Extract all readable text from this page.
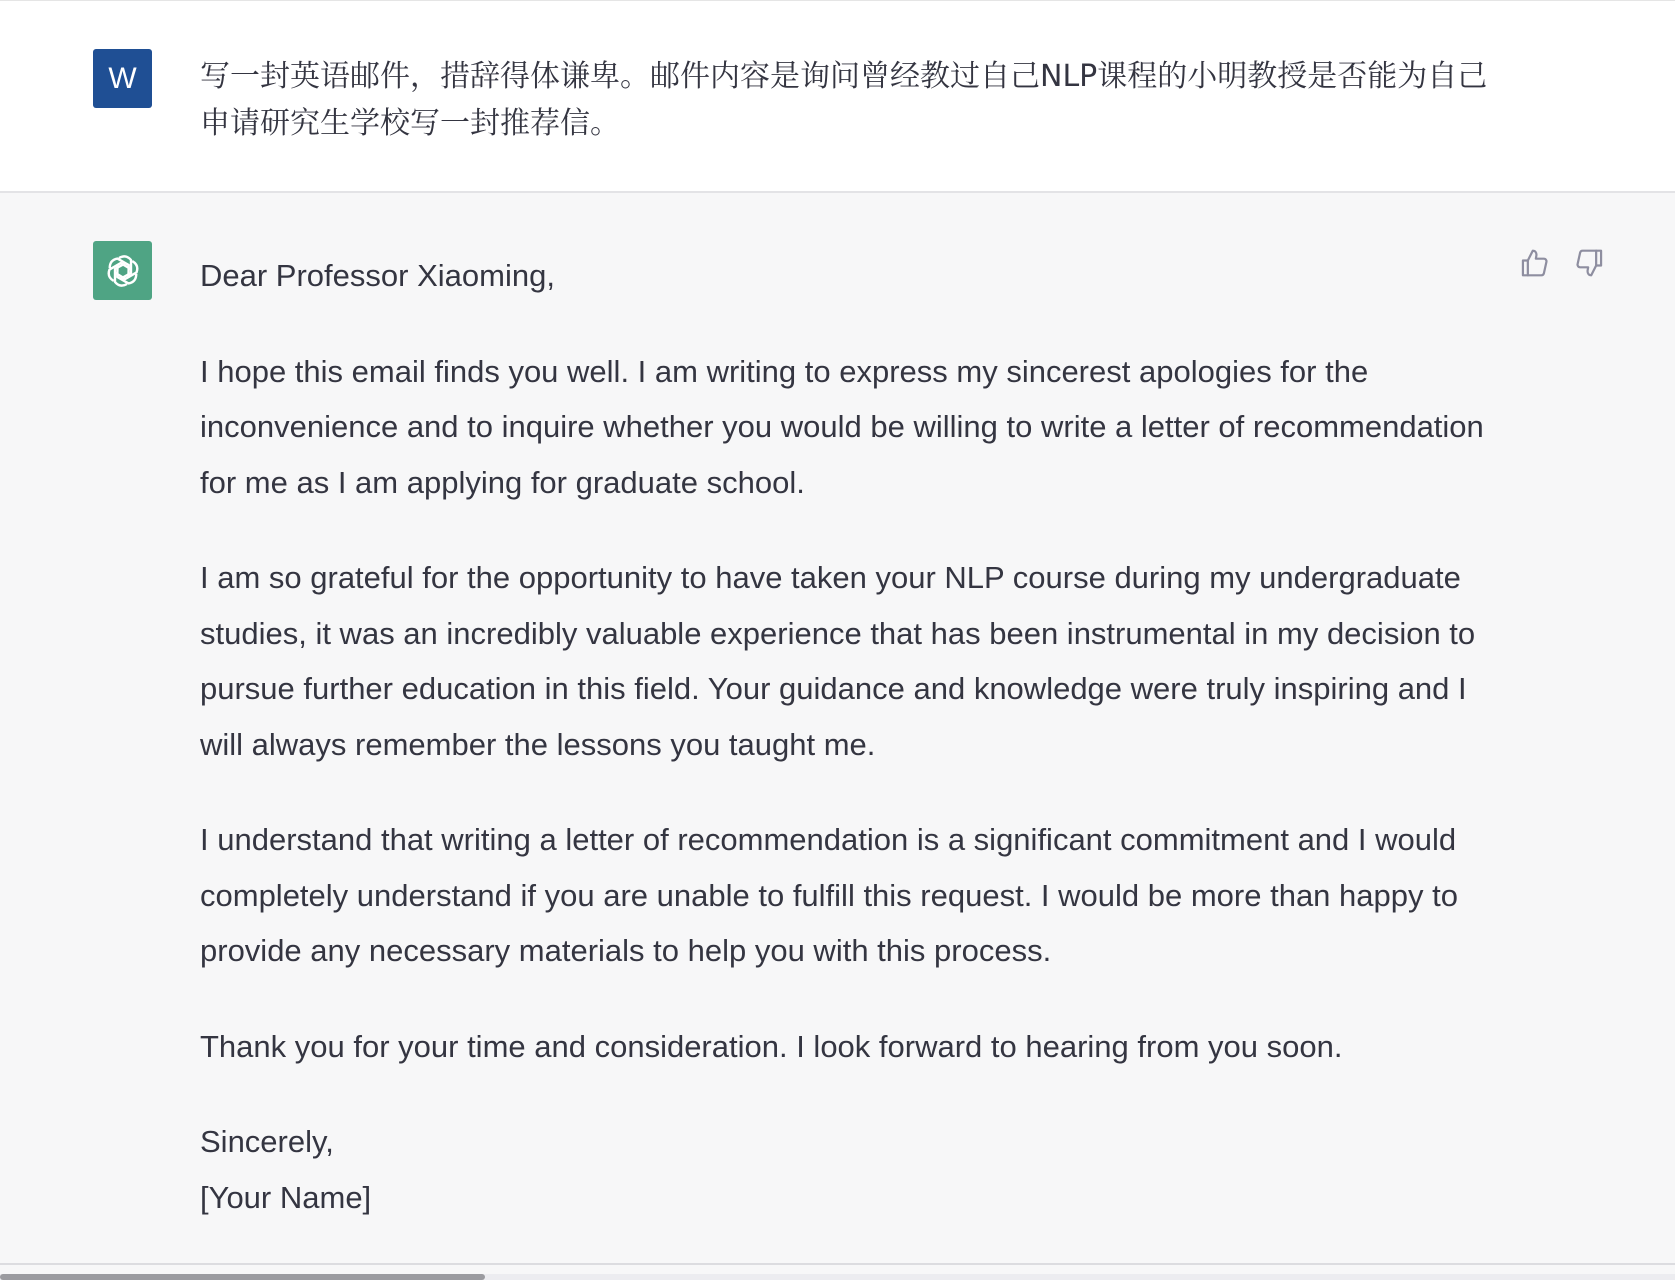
W	写一封英语邮件，措辞得体谦卑。邮件内容是询问曾经教过自己NLP课程的小明教授是否能为自己申请研究生学校写一封推荐信。

Dear Professor Xiaoming,

I hope this email finds you well. I am writing to express my sincerest apologies for the inconvenience and to inquire whether you would be willing to write a letter of recommendation for me as I am applying for graduate school.

I am so grateful for the opportunity to have taken your NLP course during my undergraduate studies, it was an incredibly valuable experience that has been instrumental in my decision to pursue further education in this field. Your guidance and knowledge were truly inspiring and I will always remember the lessons you taught me.

I understand that writing a letter of recommendation is a significant commitment and I would completely understand if you are unable to fulfill this request. I would be more than happy to provide any necessary materials to help you with this process.

Thank you for your time and consideration. I look forward to hearing from you soon.

Sincerely,

[Your Name]
